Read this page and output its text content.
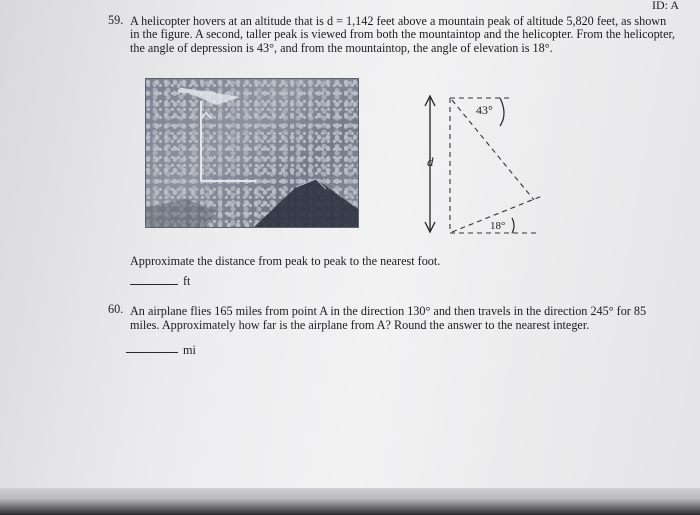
ID: A
59. A helicopter hovers at an altitude that is d = 1,142 feet above a mountain peak of altitude 5,820 feet, as shown
in the figure. A second, taller peak is viewed from both the mountaintop and the helicopter. From the helicopter,
the angle of depression is 43°, and from the mountaintop, the angle of elevation is 18°.
43°
18°
d
Approximate the distance from peak to peak to the nearest foot.
ft
60. An airplane flies 165 miles from point A in the direction 130° and then travels in the direction 245° for 85
miles. Approximately how far is the airplane from A? Round the answer to the nearest integer.
mi
